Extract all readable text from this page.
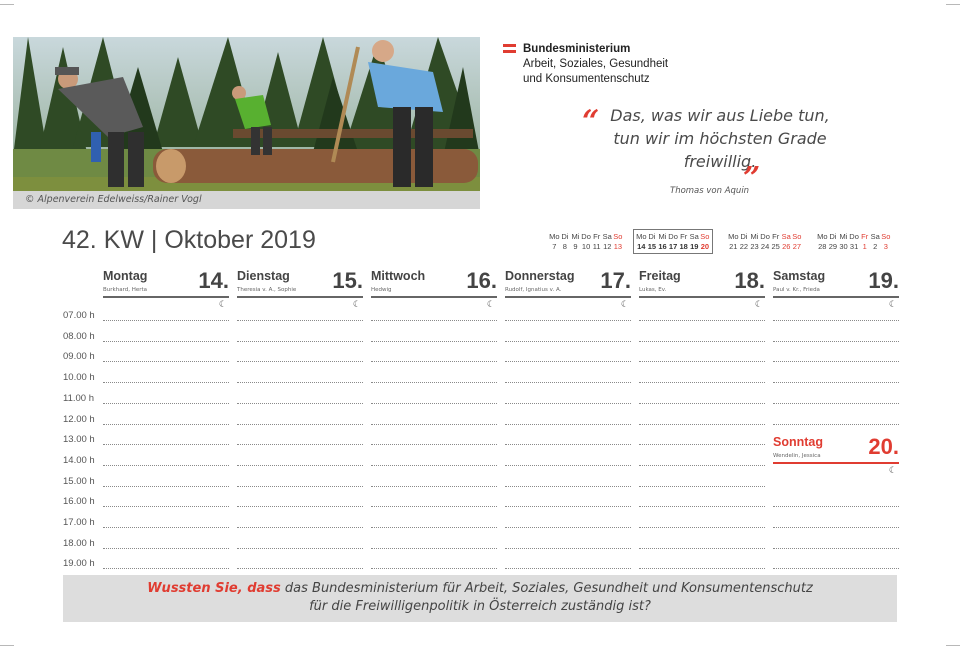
© Alpenverein Edelweiss/Rainer Vogl
Bundesministerium
Arbeit, Soziales, Gesundheit
und Konsumentenschutz
“ Das, was wir aus Liebe tun,
tun wir im höchsten Grade
freiwillig.
”
Thomas von Aquin
42. KW | Oktober 2019	Mo Di Mi Do Fr Sa So
7 8 9 10 11 12 13
Mo Di Mi Do Fr Sa So
14 15 16 17 18 19 20
Mo Di Mi Do Fr Sa So
21 22 23 24 25 26 27
Mo Di Mi Do Fr Sa So
28 29 30 31 1 2 3
07.00 h
08.00 h
09.00 h
10.00 h
11.00 h
12.00 h
13.00 h
14.00 h
15.00 h
16.00 h
17.00 h
18.00 h
19.00 h
Montag
Burkhard, Hertа 14.
☾
Dienstag
Theresia v. A., Sophie 15.
☾
Mittwoch
Hedwig	16.
☾
Donnerstag
Rudolf, Ignatius v. A. 17.
☾
Freitag
Lukas, Ev.	18.
☾
Samstag
Paul v. Kr., Frieda 19.
☾
Sonntag
Wendelin, Jessica 20.
☾
Wussten Sie, dass das Bundesministerium für Arbeit, Soziales, Gesundheit und Konsumentenschutz
für die Freiwilligenpolitik in Österreich zuständig ist?
